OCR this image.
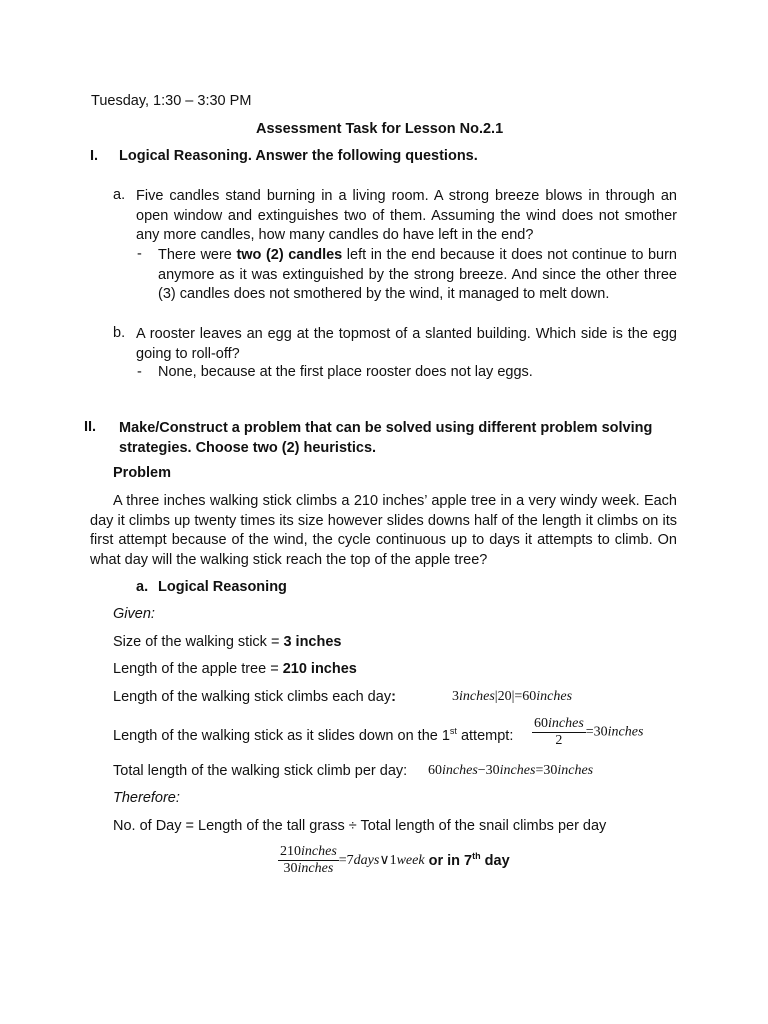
Tuesday, 1:30 – 3:30 PM
Assessment Task for Lesson No.2.1
I. Logical Reasoning. Answer the following questions.
a. Five candles stand burning in a living room. A strong breeze blows in through an open window and extinguishes two of them. Assuming the wind does not smother any more candles, how many candles do have left in the end?
- There were two (2) candles left in the end because it does not continue to burn anymore as it was extinguished by the strong breeze. And since the other three (3) candles does not smothered by the wind, it managed to melt down.
b. A rooster leaves an egg at the topmost of a slanted building. Which side is the egg going to roll-off?
- None, because at the first place rooster does not lay eggs.
II. Make/Construct a problem that can be solved using different problem solving strategies. Choose two (2) heuristics.
Problem
A three inches walking stick climbs a 210 inches’ apple tree in a very windy week. Each day it climbs up twenty times its size however slides downs half of the length it climbs on its first attempt because of the wind, the cycle continuous up to days it attempts to climb. On what day will the walking stick reach the top of the apple tree?
a. Logical Reasoning
Given:
Size of the walking stick = 3 inches
Length of the apple tree = 210 inches
Length of the walking stick climbs each day:	3inches|20|=60inches
Length of the walking stick as it slides down on the 1st attempt: $\frac{\text{60inches}}{2}$ =30inches
Total length of the walking stick climb per day: 60inches−30inches=30inches
Therefore:
No. of Day = Length of the tall grass ÷ Total length of the snail climbs per day
$\frac{\text{210inches}}{\text{30inches}}$ =7days∨1week or in 7th day
